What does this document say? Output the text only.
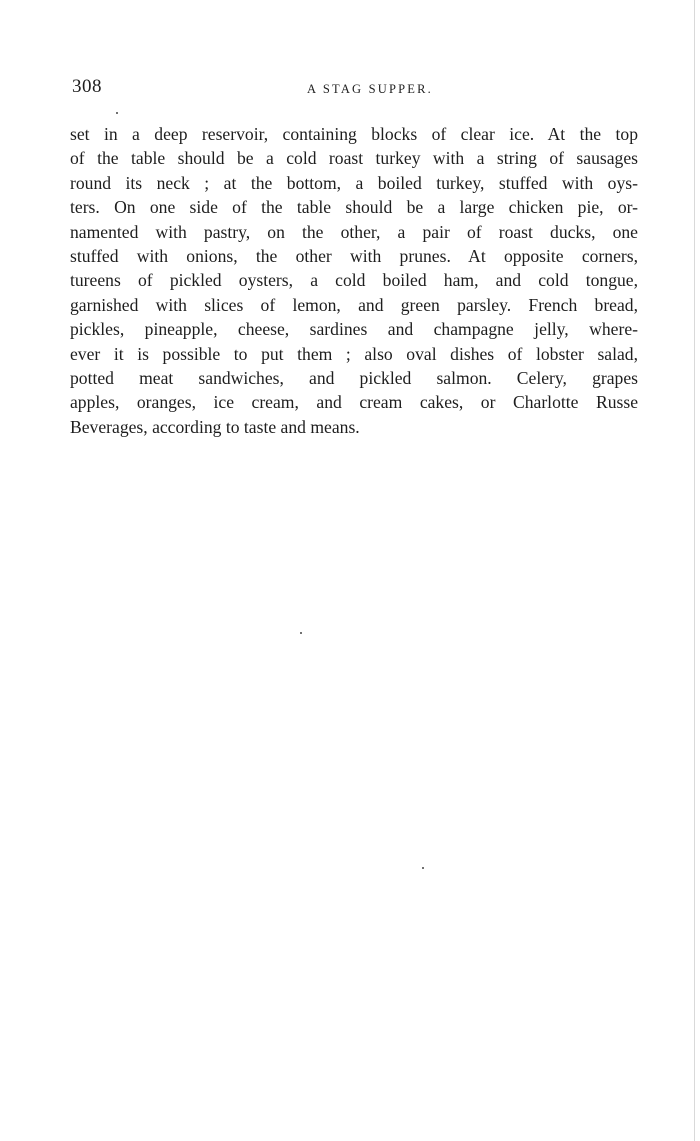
308	A STAG SUPPER.
set in a deep reservoir, containing blocks of clear ice. At the top
of the table should be a cold roast turkey with a string of sausages
round its neck ; at the bottom, a boiled turkey, stuffed with oys-
ters. On one side of the table should be a large chicken pie, or-
namented with pastry, on the other, a pair of roast ducks, one
stuffed with onions, the other with prunes. At opposite corners,
tureens of pickled oysters, a cold boiled ham, and cold tongue,
garnished with slices of lemon, and green parsley. French bread,
pickles, pineapple, cheese, sardines and champagne jelly, where-
ever it is possible to put them ; also oval dishes of lobster salad,
potted meat sandwiches, and pickled salmon. Celery, grapes
apples, oranges, ice cream, and cream cakes, or Charlotte Russe
Beverages, according to taste and means.
